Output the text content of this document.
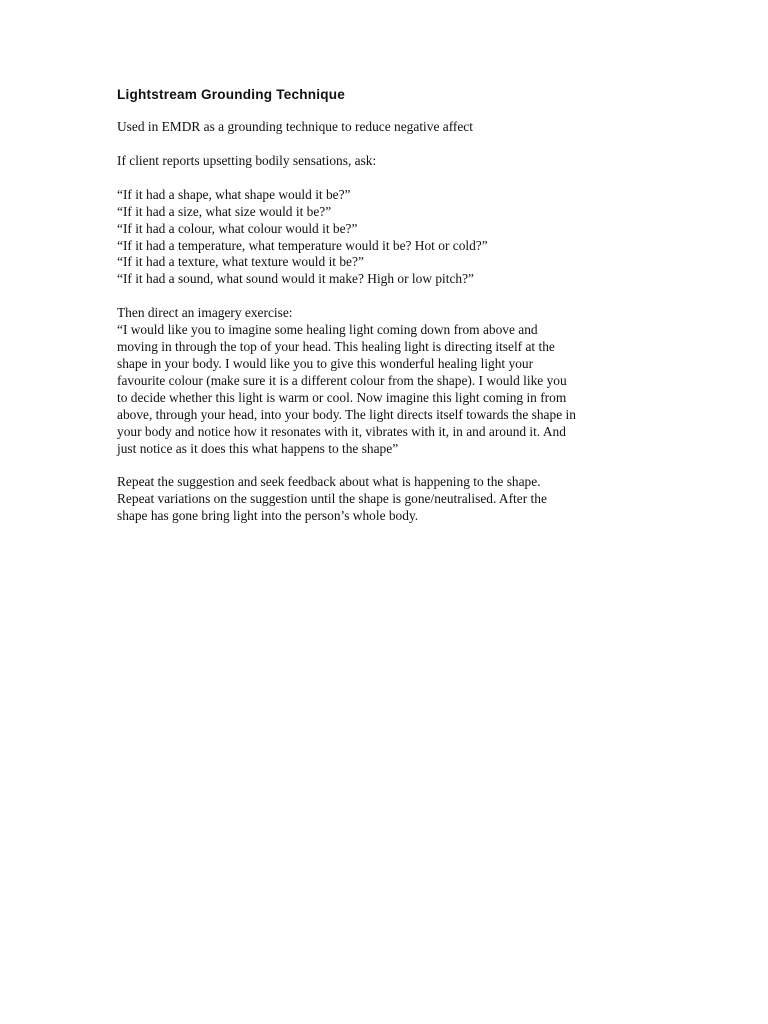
Lightstream Grounding Technique

Used in EMDR as a grounding technique to reduce negative affect

If client reports upsetting bodily sensations, ask:

“If it had a shape, what shape would it be?”
“If it had a size, what size would it be?”
“If it had a colour, what colour would it be?”
“If it had a temperature, what temperature would it be? Hot or cold?”
“If it had a texture, what texture would it be?”
“If it had a sound, what sound would it make? High or low pitch?”
Then direct an imagery exercise:
“I would like you to imagine some healing light coming down from above and
moving in through the top of your head. This healing light is directing itself at the
shape in your body. I would like you to give this wonderful healing light your
favourite colour (make sure it is a different colour from the shape). I would like you
to decide whether this light is warm or cool. Now imagine this light coming in from
above, through your head, into your body. The light directs itself towards the shape in
your body and notice how it resonates with it, vibrates with it, in and around it. And
just notice as it does this what happens to the shape”
Repeat the suggestion and seek feedback about what is happening to the shape.
Repeat variations on the suggestion until the shape is gone/neutralised. After the
shape has gone bring light into the person’s whole body.
